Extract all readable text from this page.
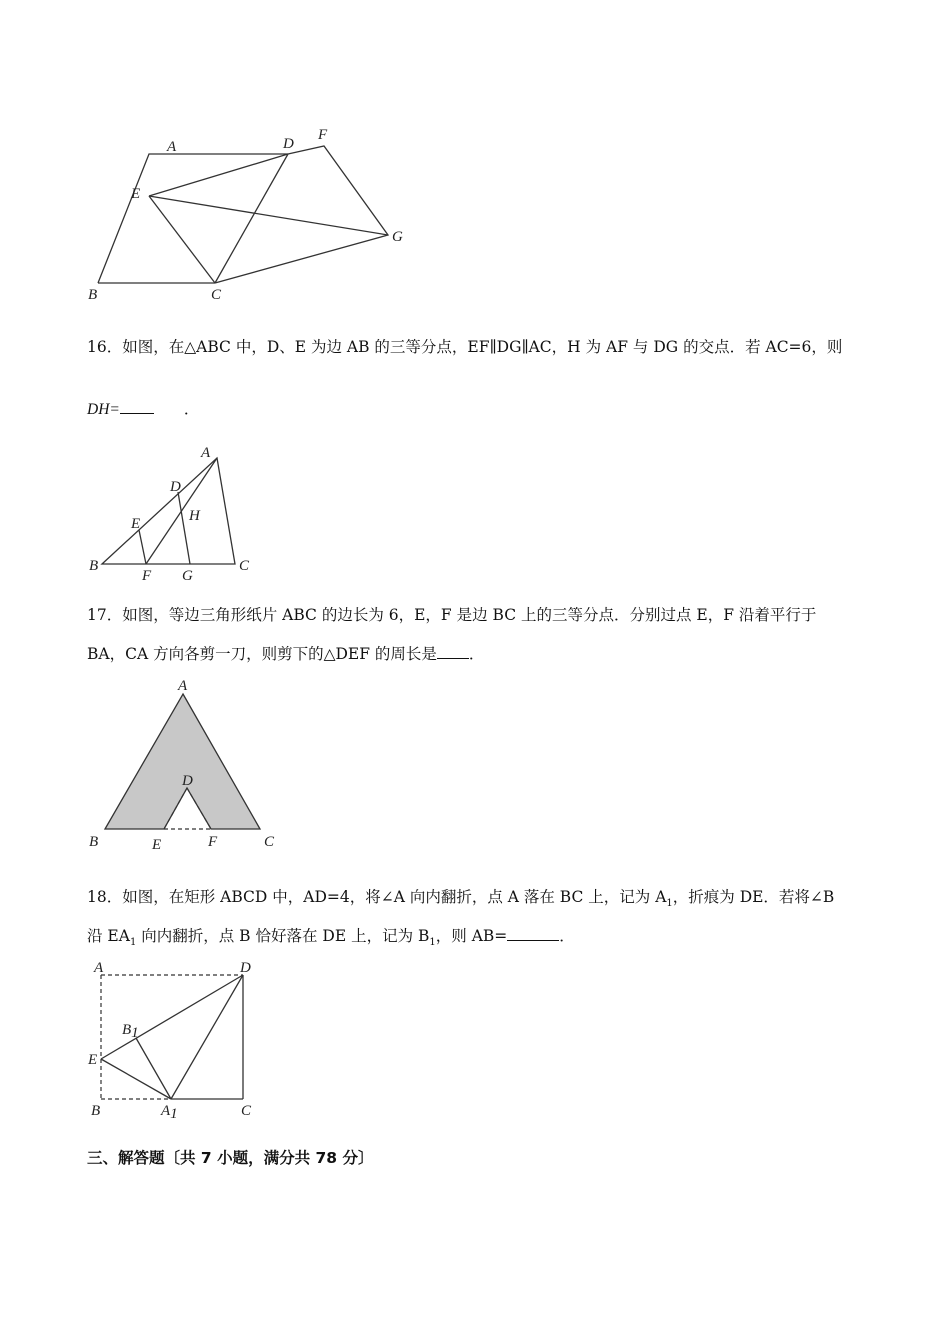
A	D
F
E
G
B	C
16．如图，在△ABC 中，D、E 为边 AB 的三等分点，EF∥DG∥AC，H 为 AF 与 DG 的交点．若 AC=6，则
DH=	．
A
D
E	H
B
F G
C
17．如图，等边三角形纸片 ABC 的边长为 6，E，F 是边 BC 上的三等分点．分别过点 E，F 沿着平行于
BA，CA 方向各剪一刀，则剪下的△DEF 的周长是 ．
A
D
B	E	F	C
18．如图，在矩形 ABCD 中，AD=4，将∠A 向内翻折，点 A 落在 BC 上，记为 $A_1$，折痕为 DE．若将∠B
沿 $EA_1$ 向内翻折，点 B 恰好落在 DE 上，记为 $B_1$，则 AB=	．
A	D
B1
E
B	A1	C
三、解答题〔共 7 小题，满分共 78 分〕
